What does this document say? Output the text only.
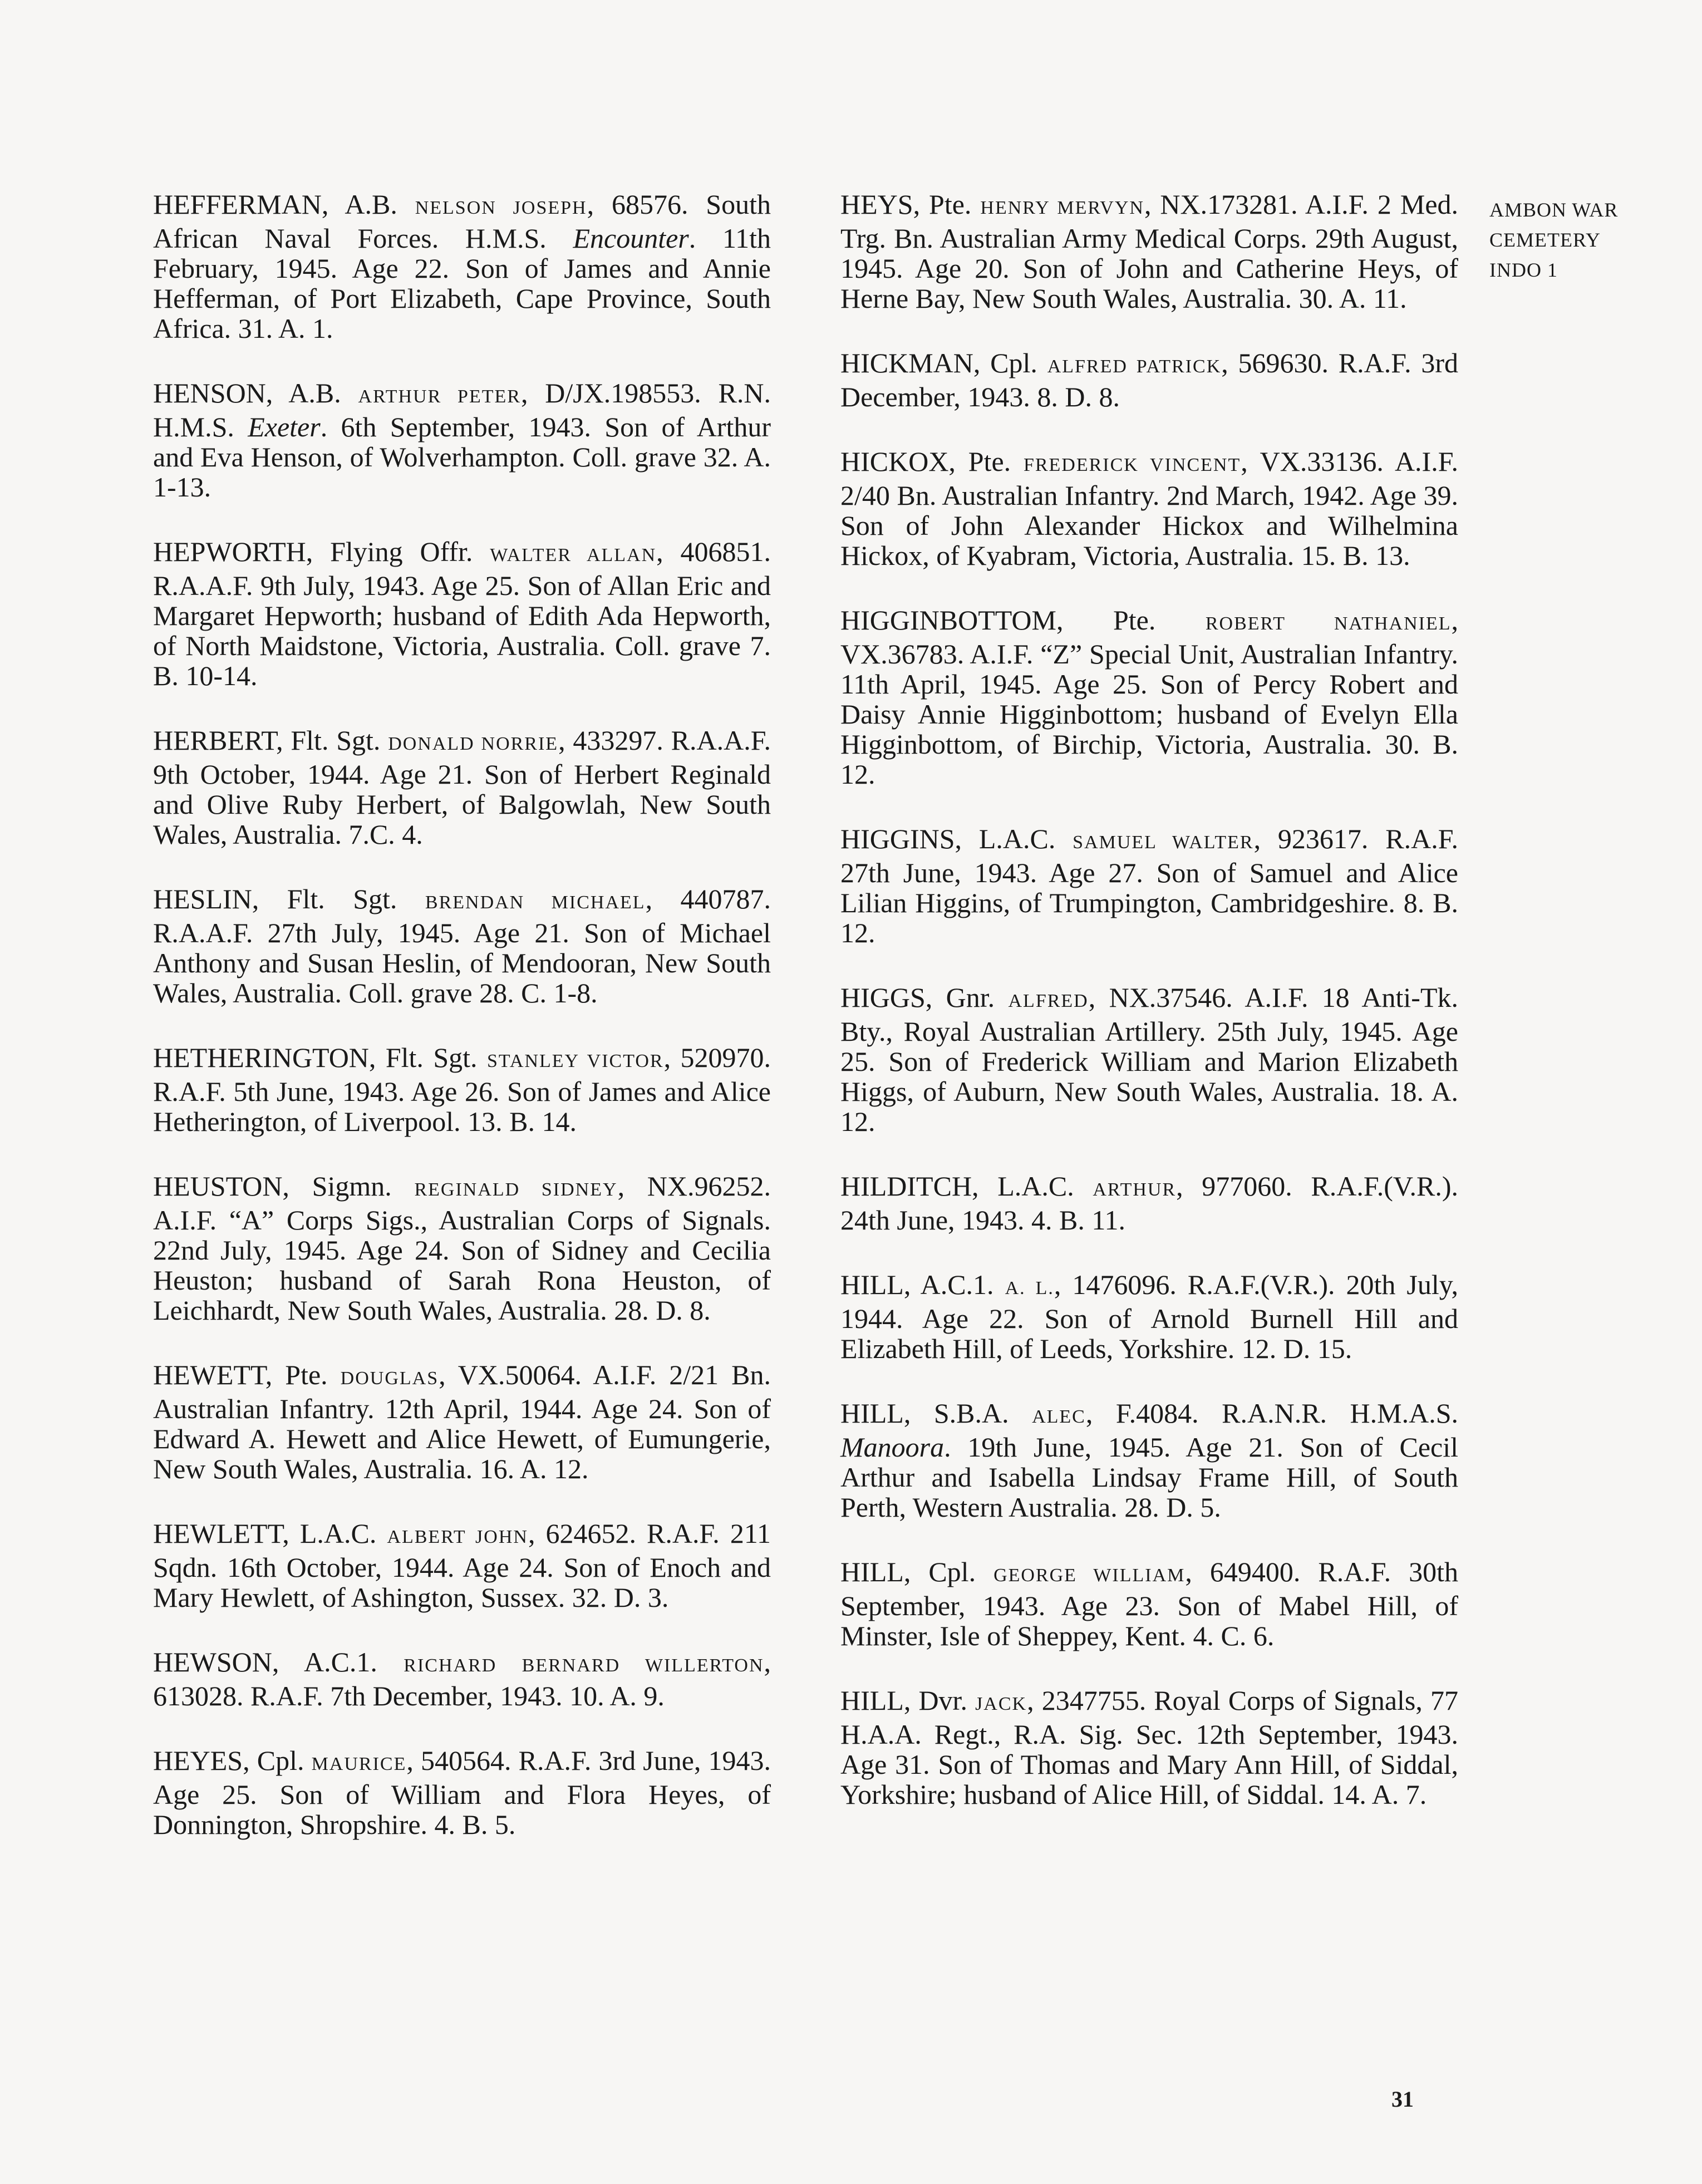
HEFFERMAN, A.B. NELSON JOSEPH, 68576. South African Naval Forces. H.M.S. Encounter. 11th February, 1945. Age 22. Son of James and Annie Hefferman, of Port Elizabeth, Cape Province, South Africa. 31. A. 1.

HENSON, A.B. ARTHUR PETER, D/JX.198553. R.N. H.M.S. Exeter. 6th September, 1943. Son of Arthur and Eva Henson, of Wolverhampton. Coll. grave 32. A. 1-13.

HEPWORTH, Flying Offr. WALTER ALLAN, 406851. R.A.A.F. 9th July, 1943. Age 25. Son of Allan Eric and Margaret Hepworth; husband of Edith Ada Hepworth, of North Maidstone, Victoria, Australia. Coll. grave 7. B. 10-14.

HERBERT, Flt. Sgt. DONALD NORRIE, 433297. R.A.A.F. 9th October, 1944. Age 21. Son of Herbert Reginald and Olive Ruby Herbert, of Balgowlah, New South Wales, Australia. 7.C. 4.

HESLIN, Flt. Sgt. BRENDAN MICHAEL, 440787. R.A.A.F. 27th July, 1945. Age 21. Son of Michael Anthony and Susan Heslin, of Mendooran, New South Wales, Australia. Coll. grave 28. C. 1-8.

HETHERINGTON, Flt. Sgt. STANLEY VICTOR, 520970. R.A.F. 5th June, 1943. Age 26. Son of James and Alice Hetherington, of Liverpool. 13. B. 14.

HEUSTON, Sigmn. REGINALD SIDNEY, NX.96252. A.I.F. “A” Corps Sigs., Australian Corps of Signals. 22nd July, 1945. Age 24. Son of Sidney and Cecilia Heuston; husband of Sarah Rona Heuston, of Leichhardt, New South Wales, Australia. 28. D. 8.

HEWETT, Pte. DOUGLAS, VX.50064. A.I.F. 2/21 Bn. Australian Infantry. 12th April, 1944. Age 24. Son of Edward A. Hewett and Alice Hewett, of Eumungerie, New South Wales, Australia. 16. A. 12.

HEWLETT, L.A.C. ALBERT JOHN, 624652. R.A.F. 211 Sqdn. 16th October, 1944. Age 24. Son of Enoch and Mary Hewlett, of Ashington, Sussex. 32. D. 3.

HEWSON, A.C.1. RICHARD BERNARD WILLERTON, 613028. R.A.F. 7th December, 1943. 10. A. 9.

HEYES, Cpl. MAURICE, 540564. R.A.F. 3rd June, 1943. Age 25. Son of William and Flora Heyes, of Donnington, Shropshire. 4. B. 5.

HEYS, Pte. HENRY MERVYN, NX.173281. A.I.F. 2 Med. Trg. Bn. Australian Army Medical Corps. 29th August, 1945. Age 20. Son of John and Catherine Heys, of Herne Bay, New South Wales, Australia. 30. A. 11.

HICKMAN, Cpl. ALFRED PATRICK, 569630. R.A.F. 3rd December, 1943. 8. D. 8.

HICKOX, Pte. FREDERICK VINCENT, VX.33136. A.I.F. 2/40 Bn. Australian Infantry. 2nd March, 1942. Age 39. Son of John Alexander Hickox and Wilhelmina Hickox, of Kyabram, Victoria, Australia. 15. B. 13.

HIGGINBOTTOM, Pte. ROBERT NATHANIEL, VX.36783. A.I.F. “Z” Special Unit, Australian Infantry. 11th April, 1945. Age 25. Son of Percy Robert and Daisy Annie Higginbottom; husband of Evelyn Ella Higginbottom, of Birchip, Victoria, Australia. 30. B. 12.

HIGGINS, L.A.C. SAMUEL WALTER, 923617. R.A.F. 27th June, 1943. Age 27. Son of Samuel and Alice Lilian Higgins, of Trumpington, Cambridgeshire. 8. B. 12.

HIGGS, Gnr. ALFRED, NX.37546. A.I.F. 18 Anti-Tk. Bty., Royal Australian Artillery. 25th July, 1945. Age 25. Son of Frederick William and Marion Elizabeth Higgs, of Auburn, New South Wales, Australia. 18. A. 12.

HILDITCH, L.A.C. ARTHUR, 977060. R.A.F.(V.R.). 24th June, 1943. 4. B. 11.

HILL, A.C.1. A. L., 1476096. R.A.F.(V.R.). 20th July, 1944. Age 22. Son of Arnold Burnell Hill and Elizabeth Hill, of Leeds, Yorkshire. 12. D. 15.

HILL, S.B.A. ALEC, F.4084. R.A.N.R. H.M.A.S. Manoora. 19th June, 1945. Age 21. Son of Cecil Arthur and Isabella Lindsay Frame Hill, of South Perth, Western Australia. 28. D. 5.

HILL, Cpl. GEORGE WILLIAM, 649400. R.A.F. 30th September, 1943. Age 23. Son of Mabel Hill, of Minster, Isle of Sheppey, Kent. 4. C. 6.

HILL, Dvr. JACK, 2347755. Royal Corps of Signals, 77 H.A.A. Regt., R.A. Sig. Sec. 12th September, 1943. Age 31. Son of Thomas and Mary Ann Hill, of Siddal, Yorkshire; husband of Alice Hill, of Siddal. 14. A. 7.

AMBON WAR
CEMETERY
INDO 1
31
